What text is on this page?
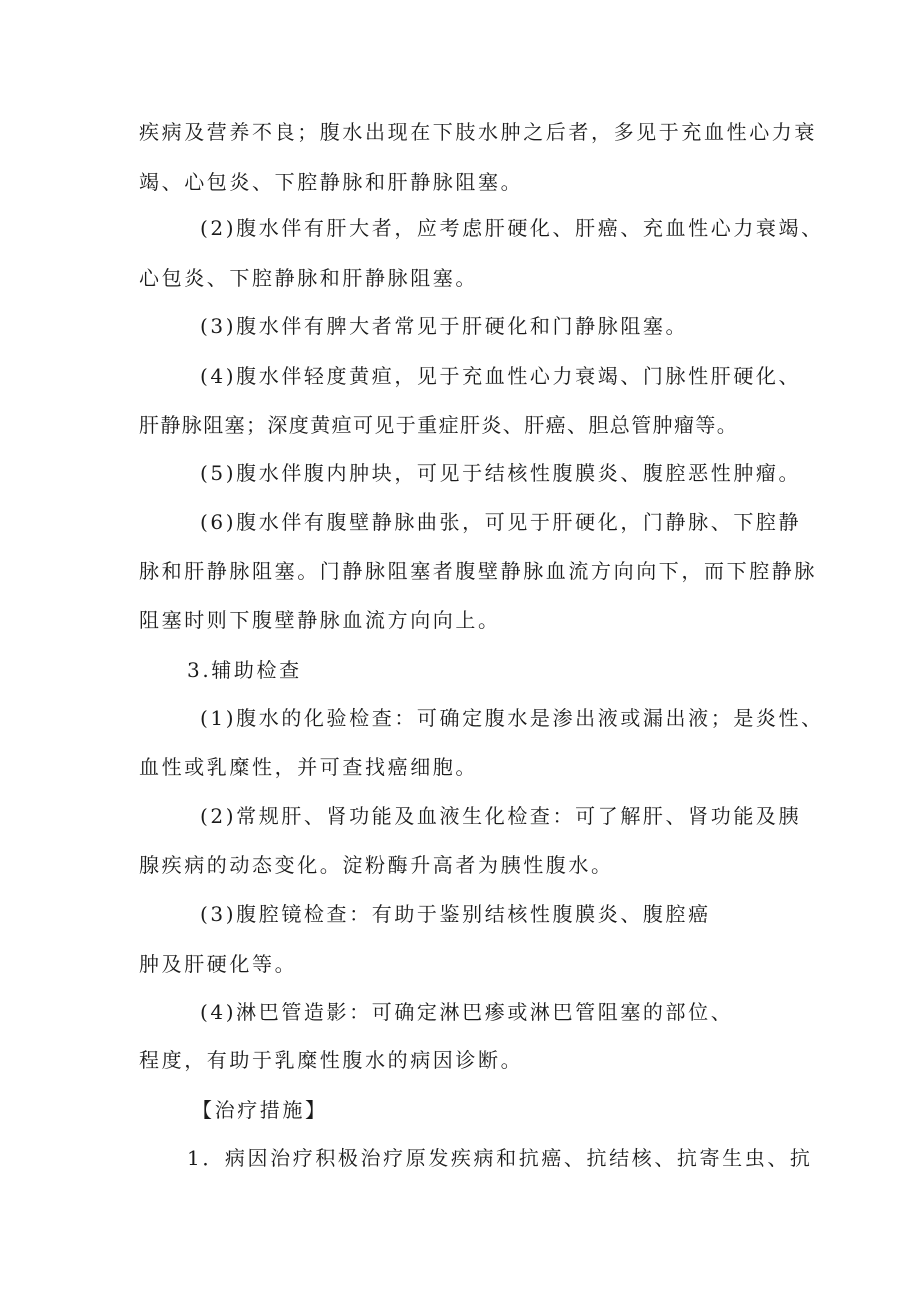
疾病及营养不良；腹水出现在下肢水肿之后者，多见于充血性心力衰
竭、心包炎、下腔静脉和肝静脉阻塞。
(2)腹水伴有肝大者，应考虑肝硬化、肝癌、充血性心力衰竭、
心包炎、下腔静脉和肝静脉阻塞。
(3)腹水伴有脾大者常见于肝硬化和门静脉阻塞。
(4)腹水伴轻度黄疸，见于充血性心力衰竭、门脉性肝硬化、
肝静脉阻塞；深度黄疸可见于重症肝炎、肝癌、胆总管肿瘤等。
(5)腹水伴腹内肿块，可见于结核性腹膜炎、腹腔恶性肿瘤。
(6)腹水伴有腹壁静脉曲张，可见于肝硬化，门静脉、下腔静
脉和肝静脉阻塞。门静脉阻塞者腹壁静脉血流方向向下，而下腔静脉
阻塞时则下腹壁静脉血流方向向上。
3.辅助检查
(1)腹水的化验检查：可确定腹水是渗出液或漏出液；是炎性、
血性或乳糜性，并可查找癌细胞。
(2)常规肝、肾功能及血液生化检查：可了解肝、肾功能及胰
腺疾病的动态变化。淀粉酶升高者为胰性腹水。
(3)腹腔镜检查：有助于鉴别结核性腹膜炎、腹腔癌
肿及肝硬化等。
(4)淋巴管造影：可确定淋巴瘆或淋巴管阻塞的部位、
程度，有助于乳糜性腹水的病因诊断。
【治疗措施】
1．病因治疗积极治疗原发疾病和抗癌、抗结核、抗寄生虫、抗
